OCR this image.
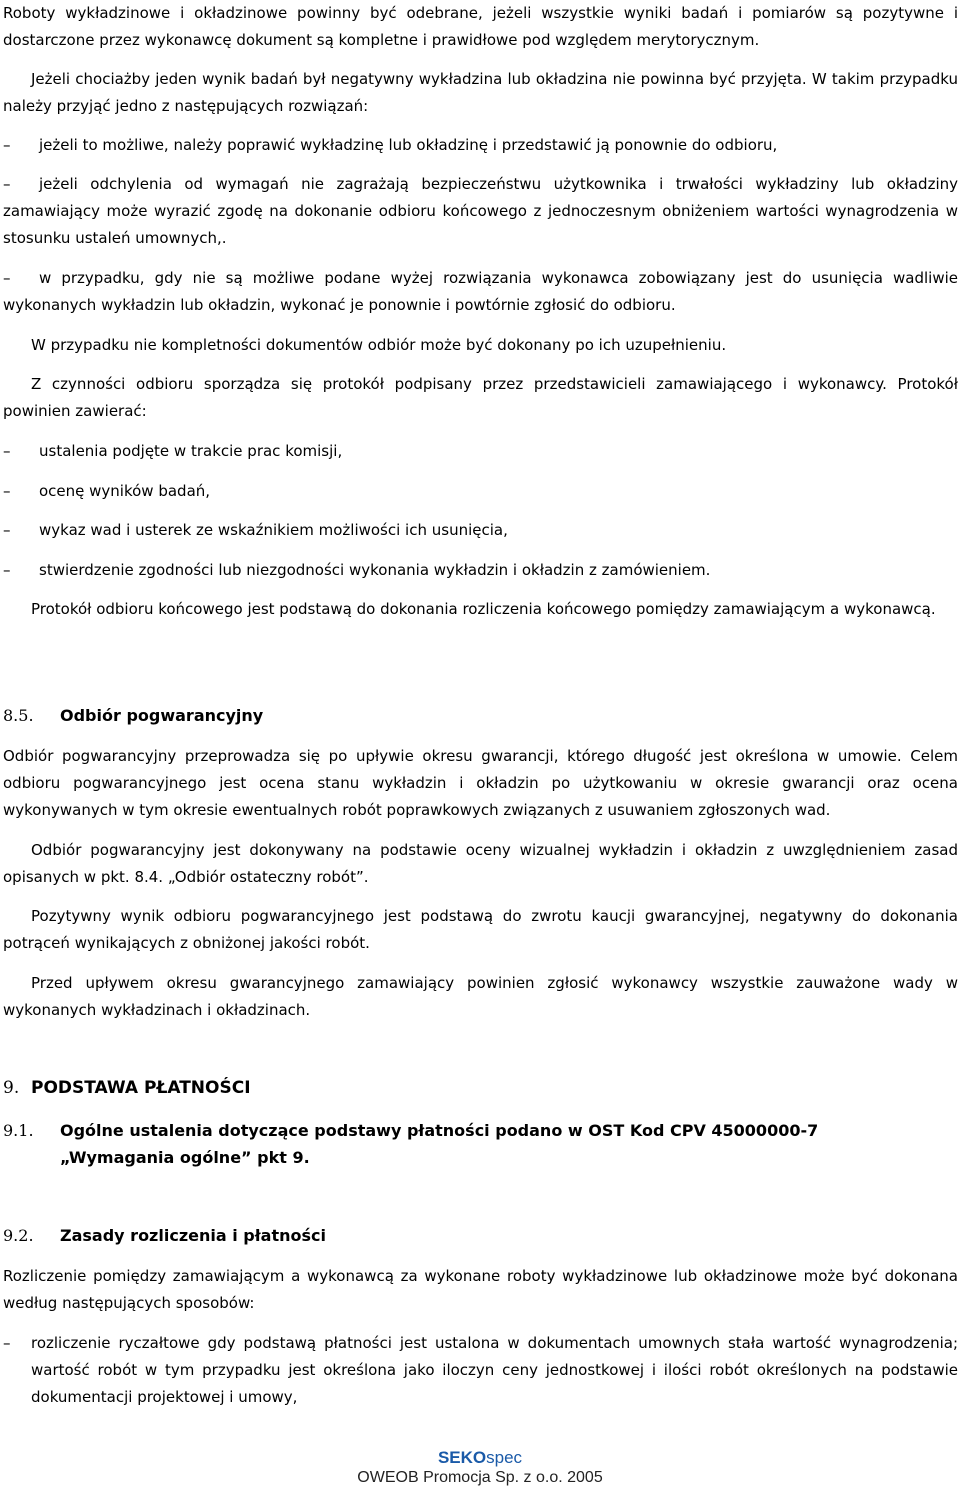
Roboty wykładzinowe i okładzinowe powinny być odebrane, jeżeli wszystkie wyniki badań i pomiarów są pozytywne i dostarczone przez wykonawcę dokument są kompletne i prawidłowe pod względem merytorycznym.

Jeżeli chociażby jeden wynik badań był negatywny wykładzina lub okładzina nie powinna być przyjęta. W takim przypadku należy przyjąć jedno z następujących rozwiązań:

–	jeżeli to możliwe, należy poprawić wykładzinę lub okładzinę i przedstawić ją ponownie do odbioru,
–	jeżeli odchylenia od wymagań nie zagrażają bezpieczeństwu użytkownika i trwałości wykładziny lub okładziny zamawiający może wyrazić zgodę na dokonanie odbioru końcowego z jednoczesnym obniżeniem wartości wynagrodzenia w stosunku ustaleń umownych,.
–	w przypadku, gdy nie są możliwe podane wyżej rozwiązania wykonawca zobowiązany jest do usunięcia wadliwie wykonanych wykładzin lub okładzin, wykonać je ponownie i powtórnie zgłosić do odbioru.

W przypadku nie kompletności dokumentów odbiór może być dokonany po ich uzupełnieniu.

Z czynności odbioru sporządza się protokół podpisany przez przedstawicieli zamawiającego i wykonawcy. Protokół powinien zawierać:

–	ustalenia podjęte w trakcie prac komisji,
–	ocenę wyników badań,
–	wykaz wad i usterek ze wskaźnikiem możliwości ich usunięcia,
–	stwierdzenie zgodności lub niezgodności wykonania wykładzin i okładzin z zamówieniem.

Protokół odbioru końcowego jest podstawą do dokonania rozliczenia końcowego pomiędzy zamawiającym a wykonawcą.

8.5. Odbiór pogwarancyjny

Odbiór pogwarancyjny przeprowadza się po upływie okresu gwarancji, którego długość jest określona w umowie. Celem odbioru pogwarancyjnego jest ocena stanu wykładzin i okładzin po użytkowaniu w okresie gwarancji oraz ocena wykonywanych w tym okresie ewentualnych robót poprawkowych związanych z usuwaniem zgłoszonych wad.

Odbiór pogwarancyjny jest dokonywany na podstawie oceny wizualnej wykładzin i okładzin z uwzględnieniem zasad opisanych w pkt. 8.4. „Odbiór ostateczny robót”.

Pozytywny wynik odbioru pogwarancyjnego jest podstawą do zwrotu kaucji gwarancyjnej, negatywny do dokonania potrąceń wynikających z obniżonej jakości robót.

Przed upływem okresu gwarancyjnego zamawiający powinien zgłosić wykonawcy wszystkie zauważone wady w wykonanych wykładzinach i okładzinach.

9. PODSTAWA PŁATNOŚCI
9.1. Ogólne ustalenia dotyczące podstawy płatności podano w OST Kod CPV 45000000-7
„Wymagania ogólne” pkt 9.
9.2. Zasady rozliczenia i płatności

Rozliczenie pomiędzy zamawiającym a wykonawcą za wykonane roboty wykładzinowe lub okładzinowe może być dokonana według następujących sposobów:

–	rozliczenie ryczałtowe gdy podstawą płatności jest ustalona w dokumentach umownych stała wartość wynagrodzenia; wartość robót w tym przypadku jest określona jako iloczyn ceny jednostkowej i ilości robót określonych na podstawie dokumentacji projektowej i umowy,
SEKOspec
OWEOB Promocja Sp. z o.o. 2005
